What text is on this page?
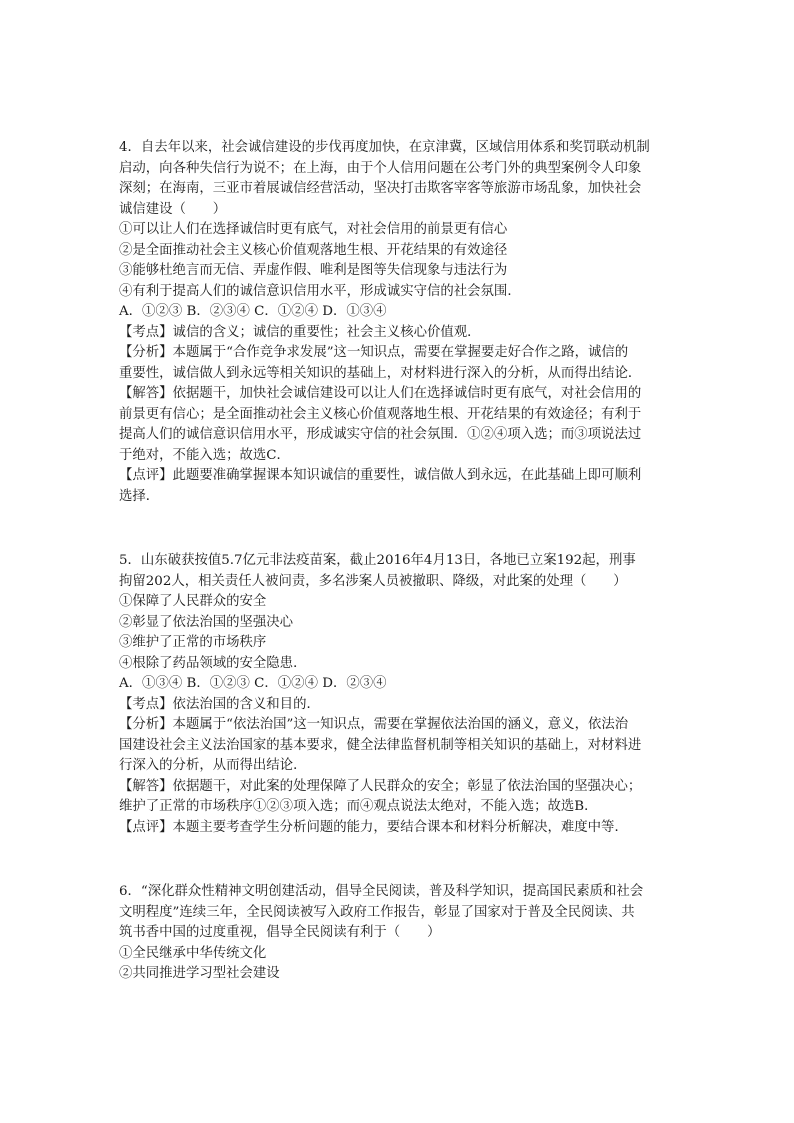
4．自去年以来，社会诚信建设的步伐再度加快，在京津冀，区域信用体系和奖罚联动机制

启动，向各种失信行为说不；在上海，由于个人信用问题在公考门外的典型案例令人印象

深刻；在海南，三亚市着展诚信经营活动，坚决打击欺客宰客等旅游市场乱象，加快社会

诚信建设（　　）

①可以让人们在选择诚信时更有底气，对社会信用的前景更有信心

②是全面推动社会主义核心价值观落地生根、开花结果的有效途径

③能够杜绝言而无信、弄虚作假、唯利是图等失信现象与违法行为

④有利于提高人们的诚信意识信用水平，形成诚实守信的社会氛围．

A．①②③ B．②③④ C．①②④ D．①③④

【考点】诚信的含义；诚信的重要性；社会主义核心价值观．

【分析】本题属于“合作竞争求发展”这一知识点，需要在掌握要走好合作之路，诚信的

重要性，诚信做人到永远等相关知识的基础上，对材料进行深入的分析，从而得出结论．

【解答】依据题干，加快社会诚信建设可以让人们在选择诚信时更有底气，对社会信用的

前景更有信心；是全面推动社会主义核心价值观落地生根、开花结果的有效途径；有利于

提高人们的诚信意识信用水平，形成诚实守信的社会氛围．①②④项入选；而③项说法过

于绝对，不能入选；故选C．

【点评】此题要准确掌握课本知识诚信的重要性，诚信做人到永远，在此基础上即可顺利

选择．

5．山东破获按值5.7亿元非法疫苗案，截止2016年4月13日，各地已立案192起，刑事

拘留202人，相关责任人被问责，多名涉案人员被撤职、降级，对此案的处理（　　）

①保障了人民群众的安全

②彰显了依法治国的坚强决心

③维护了正常的市场秩序

④根除了药品领域的安全隐患．

A．①③④ B．①②③ C．①②④ D．②③④

【考点】依法治国的含义和目的．

【分析】本题属于“依法治国”这一知识点，需要在掌握依法治国的涵义，意义，依法治

国建设社会主义法治国家的基本要求，健全法律监督机制等相关知识的基础上，对材料进

行深入的分析，从而得出结论．

【解答】依据题干，对此案的处理保障了人民群众的安全；彰显了依法治国的坚强决心；

维护了正常的市场秩序①②③项入选；而④观点说法太绝对，不能入选；故选B．

【点评】本题主要考查学生分析问题的能力，要结合课本和材料分析解决，难度中等．

6．“深化群众性精神文明创建活动，倡导全民阅读，普及科学知识，提高国民素质和社会

文明程度”连续三年，全民阅读被写入政府工作报告，彰显了国家对于普及全民阅读、共

筑书香中国的过度重视，倡导全民阅读有利于（　　）

①全民继承中华传统文化

②共同推进学习型社会建设
